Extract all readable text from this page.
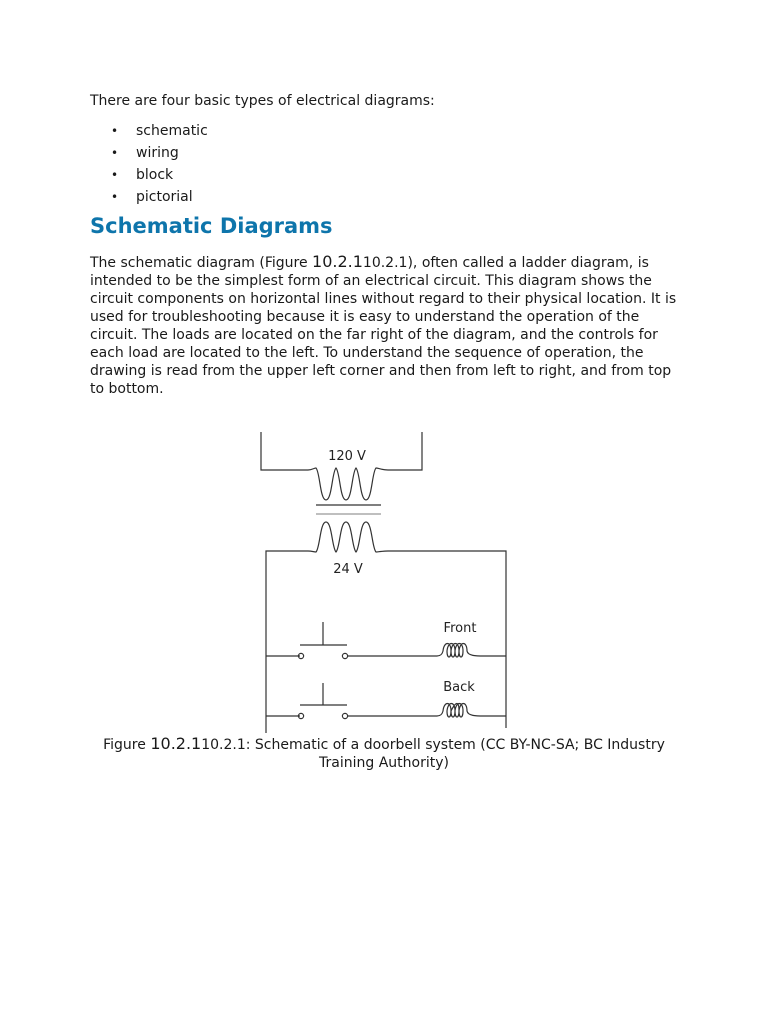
There are four basic types of electrical diagrams:

• schematic
• wiring
• block
• pictorial
Schematic Diagrams

The schematic diagram (Figure 10.2.110.2.1), often called a ladder diagram, is intended to be the simplest form of an electrical circuit. This diagram shows the circuit components on horizontal lines without regard to their physical location. It is used for troubleshooting because it is easy to understand the operation of the circuit. The loads are located on the far right of the diagram, and the controls for each load are located to the left. To understand the sequence of operation, the drawing is read from the upper left corner and then from left to right, and from top to bottom.

120 V
24 V
Front
Back
Figure 10.2.110.2.1: Schematic of a doorbell system (CC BY-NC-SA; BC Industry Training Authority)
